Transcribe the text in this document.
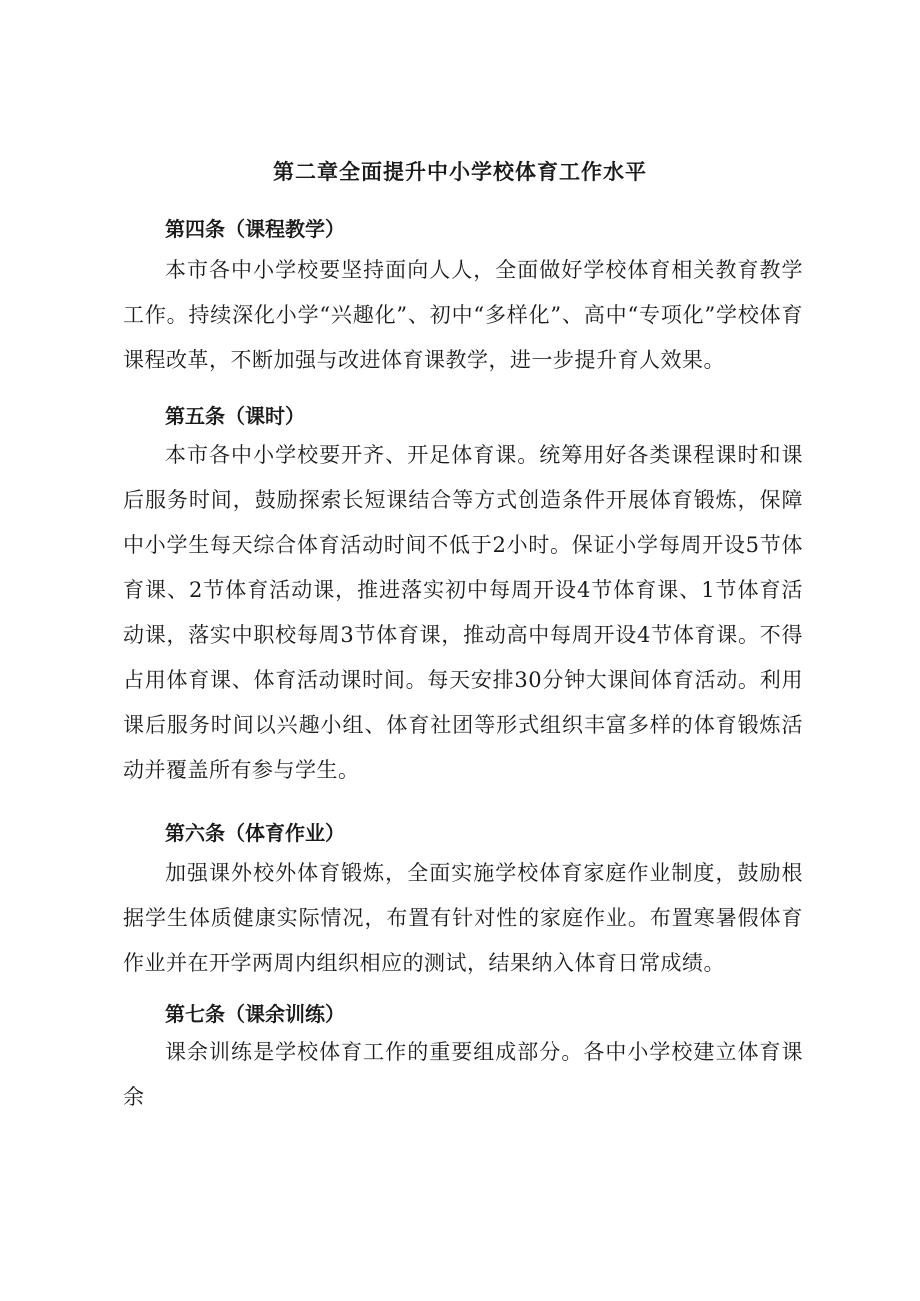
第二章全面提升中小学校体育工作水平
第四条（课程教学）

本市各中小学校要坚持面向人人，全面做好学校体育相关教育教学工作。持续深化小学“兴趣化”、初中“多样化”、高中“专项化”学校体育课程改革，不断加强与改进体育课教学，进一步提升育人效果。

第五条（课时）

本市各中小学校要开齐、开足体育课。统筹用好各类课程课时和课后服务时间，鼓励探索长短课结合等方式创造条件开展体育锻炼，保障中小学生每天综合体育活动时间不低于2小时。保证小学每周开设5节体育课、2节体育活动课，推进落实初中每周开设4节体育课、1节体育活动课，落实中职校每周3节体育课，推动高中每周开设4节体育课。不得占用体育课、体育活动课时间。每天安排30分钟大课间体育活动。利用课后服务时间以兴趣小组、体育社团等形式组织丰富多样的体育锻炼活动并覆盖所有参与学生。

第六条（体育作业）

加强课外校外体育锻炼，全面实施学校体育家庭作业制度，鼓励根据学生体质健康实际情况，布置有针对性的家庭作业。布置寒暑假体育作业并在开学两周内组织相应的测试，结果纳入体育日常成绩。

第七条（课余训练）

课余训练是学校体育工作的重要组成部分。各中小学校建立体育课余
